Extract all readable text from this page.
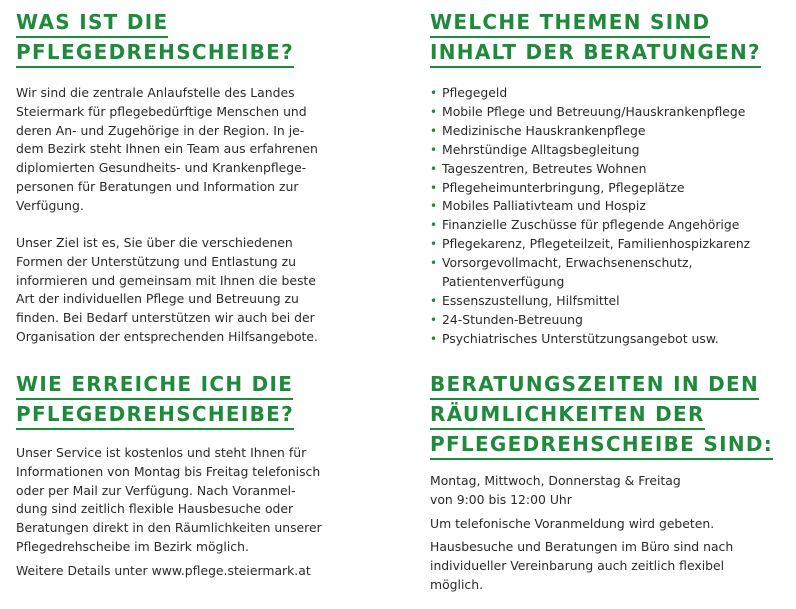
WAS IST DIE
PFLEGEDREHSCHEIBE?

Wir sind die zentrale Anlaufstelle des Landes
Steiermark für pflegebedürftige Menschen und
deren An- und Zugehörige in der Region. In je-
dem Bezirk steht Ihnen ein Team aus erfahrenen
diplomierten Gesundheits- und Krankenpflege-
personen für Beratungen und Information zur
Verfügung.

Unser Ziel ist es, Sie über die verschiedenen
Formen der Unterstützung und Entlastung zu
informieren und gemeinsam mit Ihnen die beste
Art der individuellen Pflege und Betreuung zu
finden. Bei Bedarf unterstützen wir auch bei der
Organisation der entsprechenden Hilfsangebote.

WIE ERREICHE ICH DIE
PFLEGEDREHSCHEIBE?

Unser Service ist kostenlos und steht Ihnen für
Informationen von Montag bis Freitag telefonisch
oder per Mail zur Verfügung. Nach Voranmel-
dung sind zeitlich flexible Hausbesuche oder
Beratungen direkt in den Räumlichkeiten unserer
Pflegedrehscheibe im Bezirk möglich.

Weitere Details unter www.pflege.steiermark.at

WELCHE THEMEN SIND
INHALT DER BERATUNGEN?
• Pflegegeld
• Mobile Pflege und Betreuung/Hauskrankenpflege
• Medizinische Hauskrankenpflege
• Mehrstündige Alltagsbegleitung
• Tageszentren, Betreutes Wohnen
• Pflegeheimunterbringung, Pflegeplätze
• Mobiles Palliativteam und Hospiz
• Finanzielle Zuschüsse für pflegende Angehörige
• Pflegekarenz, Pflegeteilzeit, Familienhospizkarenz
• Vorsorgevollmacht, Erwachsenenschutz,
Patientenverfügung
• Essenszustellung, Hilfsmittel
• 24-Stunden-Betreuung
• Psychiatrisches Unterstützungsangebot usw.
BERATUNGSZEITEN IN DEN
RÄUMLICHKEITEN DER
PFLEGEDREHSCHEIBE SIND:

Montag, Mittwoch, Donnerstag & Freitag
von 9:00 bis 12:00 Uhr

Um telefonische Voranmeldung wird gebeten.

Hausbesuche und Beratungen im Büro sind nach
individueller Vereinbarung auch zeitlich flexibel
möglich.
